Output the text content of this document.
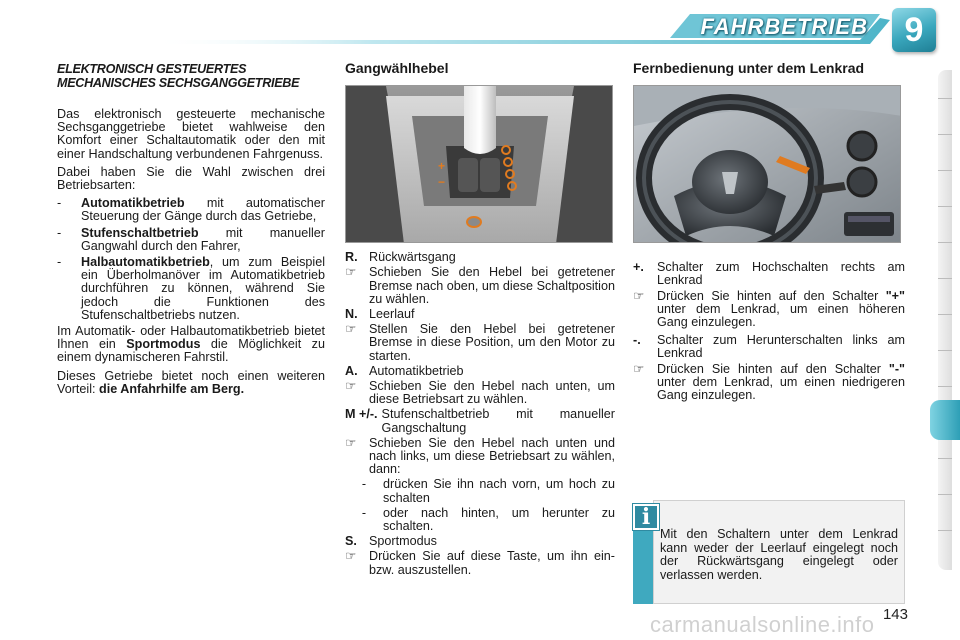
FAHRBETRIEB	9
ELEKTRONISCH GESTEUERTES
MECHANISCHES SECHSGANGGETRIEBE

Das elektronisch gesteuerte mechanische Sechsganggetriebe bietet wahlweise den Komfort einer Schaltautomatik oder den mit einer Handschaltung verbundenen Fahrgenuss.

Dabei haben Sie die Wahl zwischen drei Betriebsarten:

-	Automatikbetrieb mit automatischer Steuerung der Gänge durch das Getriebe,
-	Stufenschaltbetrieb mit manueller Gangwahl durch den Fahrer,
-	Halbautomatikbetrieb, um zum Beispiel ein Überholmanöver im Automatikbetrieb durchführen zu können, während Sie jedoch die Funktionen des Stufenschaltbetriebs nutzen.

Im Automatik- oder Halbautomatikbetrieb bietet Ihnen ein Sportmodus die Möglichkeit zu einem dynamischeren Fahrstil.

Dieses Getriebe bietet noch einen weiteren Vorteil: die Anfahrhilfe am Berg.

Gangwählhebel
+
−
R. Rückwärtsgang
☞	Schieben Sie den Hebel bei getretener Bremse nach oben, um diese Schaltposition zu wählen.
N. Leerlauf
☞	Stellen Sie den Hebel bei getretener Bremse in diese Position, um den Motor zu starten.
A. Automatikbetrieb
☞	Schieben Sie den Hebel nach unten, um diese Betriebsart zu wählen.
M +/-. Stufenschaltbetrieb mit manueller Gangschaltung
☞	Schieben Sie den Hebel nach unten und nach links, um diese Betriebsart zu wählen, dann:
-	drücken Sie ihn nach vorn, um hoch zu schalten
-	oder nach hinten, um herunter zu schalten.
S. Sportmodus
☞	Drücken Sie auf diese Taste, um ihn ein- bzw. auszustellen.
Fernbedienung unter dem Lenkrad
+.	Schalter zum Hochschalten rechts am Lenkrad
☞	Drücken Sie hinten auf den Schalter "+" unter dem Lenkrad, um einen höheren Gang einzulegen.
-.	Schalter zum Herunterschalten links am Lenkrad
☞	Drücken Sie hinten auf den Schalter "-" unter dem Lenkrad, um einen niedrigeren Gang einzulegen.
i
Mit den Schaltern unter dem Lenkrad kann weder der Leerlauf eingelegt noch der Rückwärtsgang eingelegt oder verlassen werden.
143
carmanualsonline.info
